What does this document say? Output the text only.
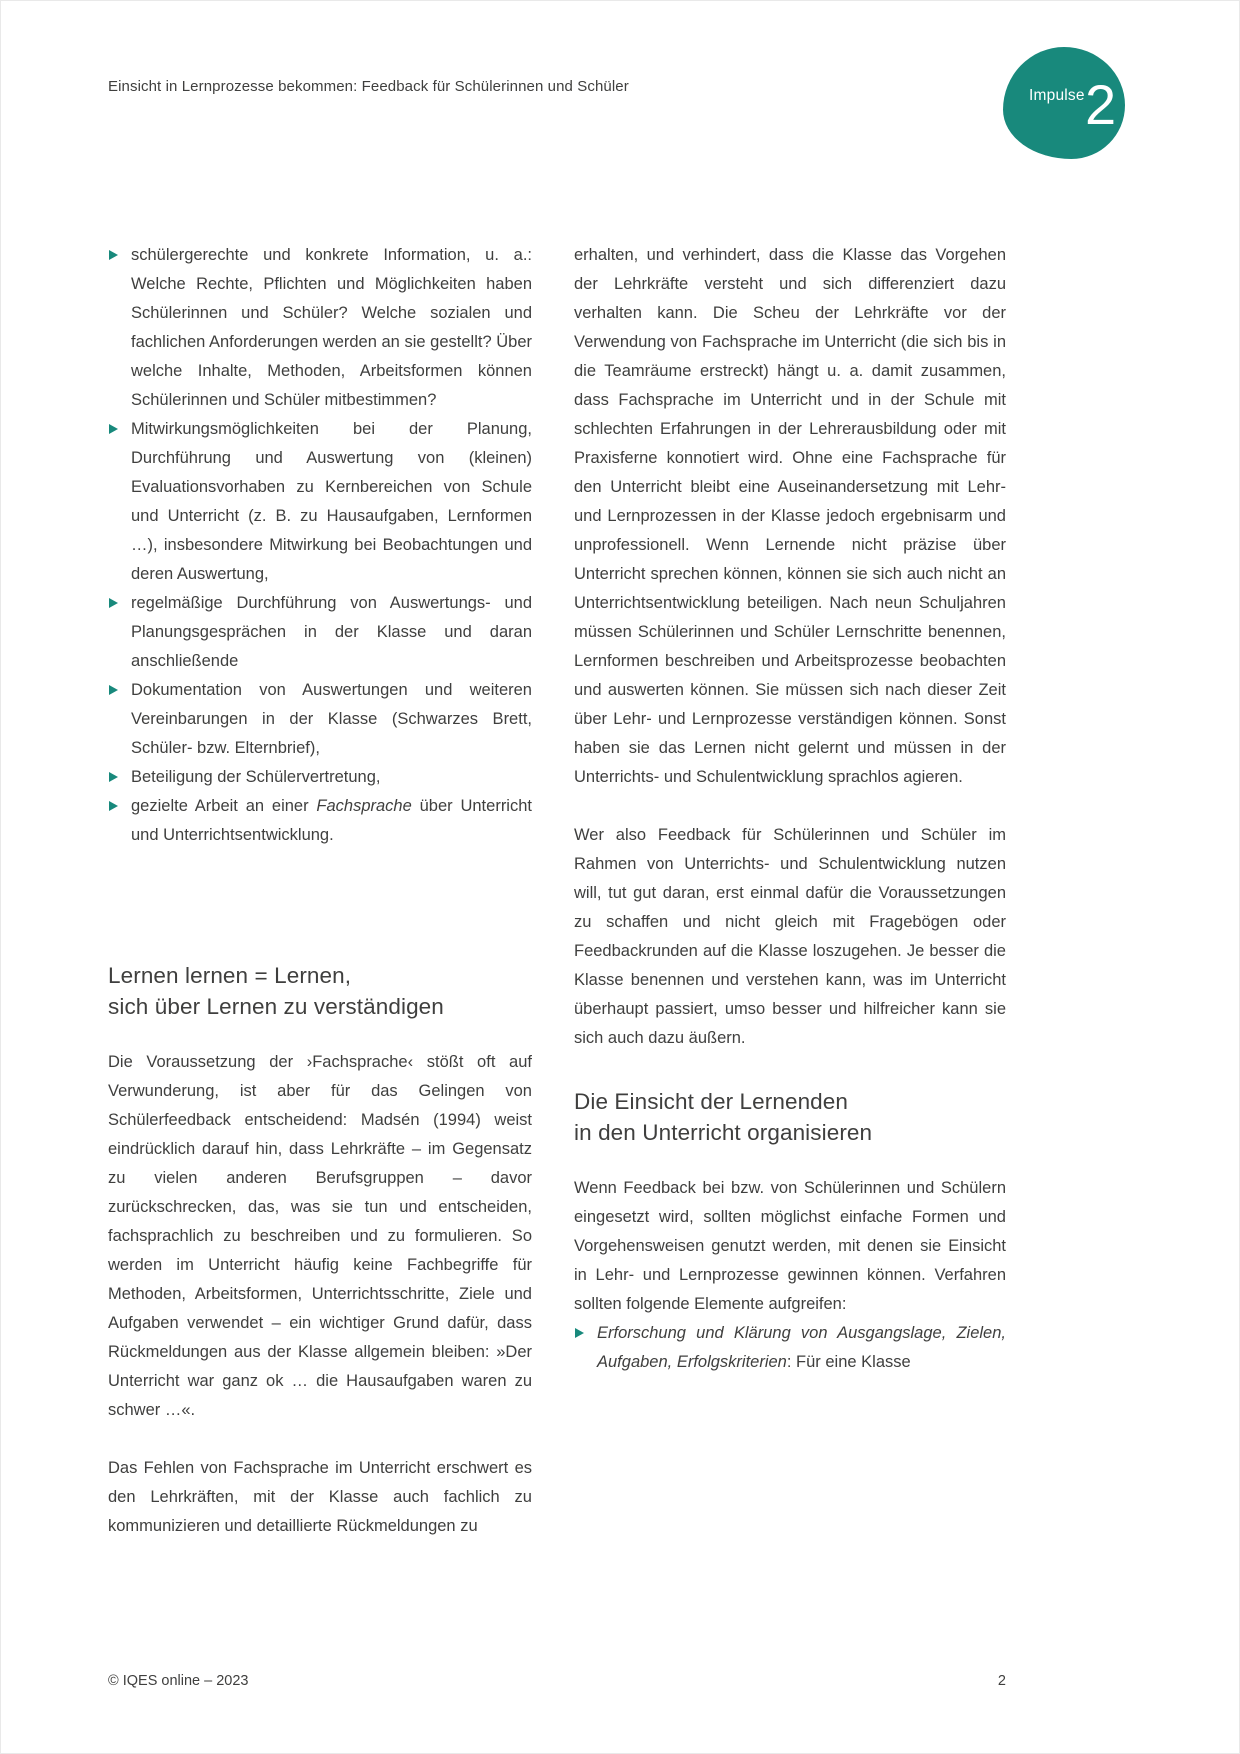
Einsicht in Lernprozesse bekommen: Feedback für Schülerinnen und Schüler
Impulse 2
schülergerechte und konkrete Information, u. a.: Welche Rechte, Pflichten und Möglichkeiten haben Schülerinnen und Schüler? Welche sozialen und fachlichen Anforderungen werden an sie gestellt? Über welche Inhalte, Methoden, Arbeitsformen können Schülerinnen und Schüler mitbestimmen?
Mitwirkungsmöglichkeiten bei der Planung, Durchführung und Auswertung von (kleinen) Evaluationsvorhaben zu Kernbereichen von Schule und Unterricht (z. B. zu Hausaufgaben, Lernformen …), insbesondere Mitwirkung bei Beobachtungen und deren Auswertung,
regelmäßige Durchführung von Auswertungs- und Planungsgesprächen in der Klasse und daran anschließende
Dokumentation von Auswertungen und weiteren Vereinbarungen in der Klasse (Schwarzes Brett, Schüler- bzw. Elternbrief),
Beteiligung der Schülervertretung,
gezielte Arbeit an einer Fachsprache über Unterricht und Unterrichtsentwicklung.
Lernen lernen = Lernen,
sich über Lernen zu verständigen

Die Voraussetzung der ›Fachsprache‹ stößt oft auf Verwunderung, ist aber für das Gelingen von Schülerfeedback entscheidend: Madsén (1994) weist eindrücklich darauf hin, dass Lehrkräfte – im Gegensatz zu vielen anderen Berufsgruppen – davor zurückschrecken, das, was sie tun und entscheiden, fachsprachlich zu beschreiben und zu formulieren. So werden im Unterricht häufig keine Fachbegriffe für Methoden, Arbeitsformen, Unterrichtsschritte, Ziele und Aufgaben verwendet – ein wichtiger Grund dafür, dass Rückmeldungen aus der Klasse allgemein bleiben: »Der Unterricht war ganz ok … die Hausaufgaben waren zu schwer …«.

Das Fehlen von Fachsprache im Unterricht erschwert es den Lehrkräften, mit der Klasse auch fachlich zu kommunizieren und detaillierte Rückmeldungen zu

erhalten, und verhindert, dass die Klasse das Vorgehen der Lehrkräfte versteht und sich differenziert dazu verhalten kann. Die Scheu der Lehrkräfte vor der Verwendung von Fachsprache im Unterricht (die sich bis in die Teamräume erstreckt) hängt u. a. damit zusammen, dass Fachsprache im Unterricht und in der Schule mit schlechten Erfahrungen in der Lehrerausbildung oder mit Praxisferne konnotiert wird. Ohne eine Fachsprache für den Unterricht bleibt eine Auseinandersetzung mit Lehr- und Lernprozessen in der Klasse jedoch ergebnisarm und unprofessionell. Wenn Lernende nicht präzise über Unterricht sprechen können, können sie sich auch nicht an Unterrichtsentwicklung beteiligen. Nach neun Schuljahren müssen Schülerinnen und Schüler Lernschritte benennen, Lernformen beschreiben und Arbeitsprozesse beobachten und auswerten können. Sie müssen sich nach dieser Zeit über Lehr- und Lernprozesse verständigen können. Sonst haben sie das Lernen nicht gelernt und müssen in der Unterrichts- und Schulentwicklung sprachlos agieren.

Wer also Feedback für Schülerinnen und Schüler im Rahmen von Unterrichts- und Schulentwicklung nutzen will, tut gut daran, erst einmal dafür die Voraussetzungen zu schaffen und nicht gleich mit Fragebögen oder Feedbackrunden auf die Klasse loszugehen. Je besser die Klasse benennen und verstehen kann, was im Unterricht überhaupt passiert, umso besser und hilfreicher kann sie sich auch dazu äußern.

Die Einsicht der Lernenden
in den Unterricht organisieren

Wenn Feedback bei bzw. von Schülerinnen und Schülern eingesetzt wird, sollten möglichst einfache Formen und Vorgehensweisen genutzt werden, mit denen sie Einsicht in Lehr- und Lernprozesse gewinnen können. Verfahren sollten folgende Elemente aufgreifen:

Erforschung und Klärung von Ausgangslage, Zielen, Aufgaben, Erfolgskriterien: Für eine Klasse
© IQES online – 2023	2
